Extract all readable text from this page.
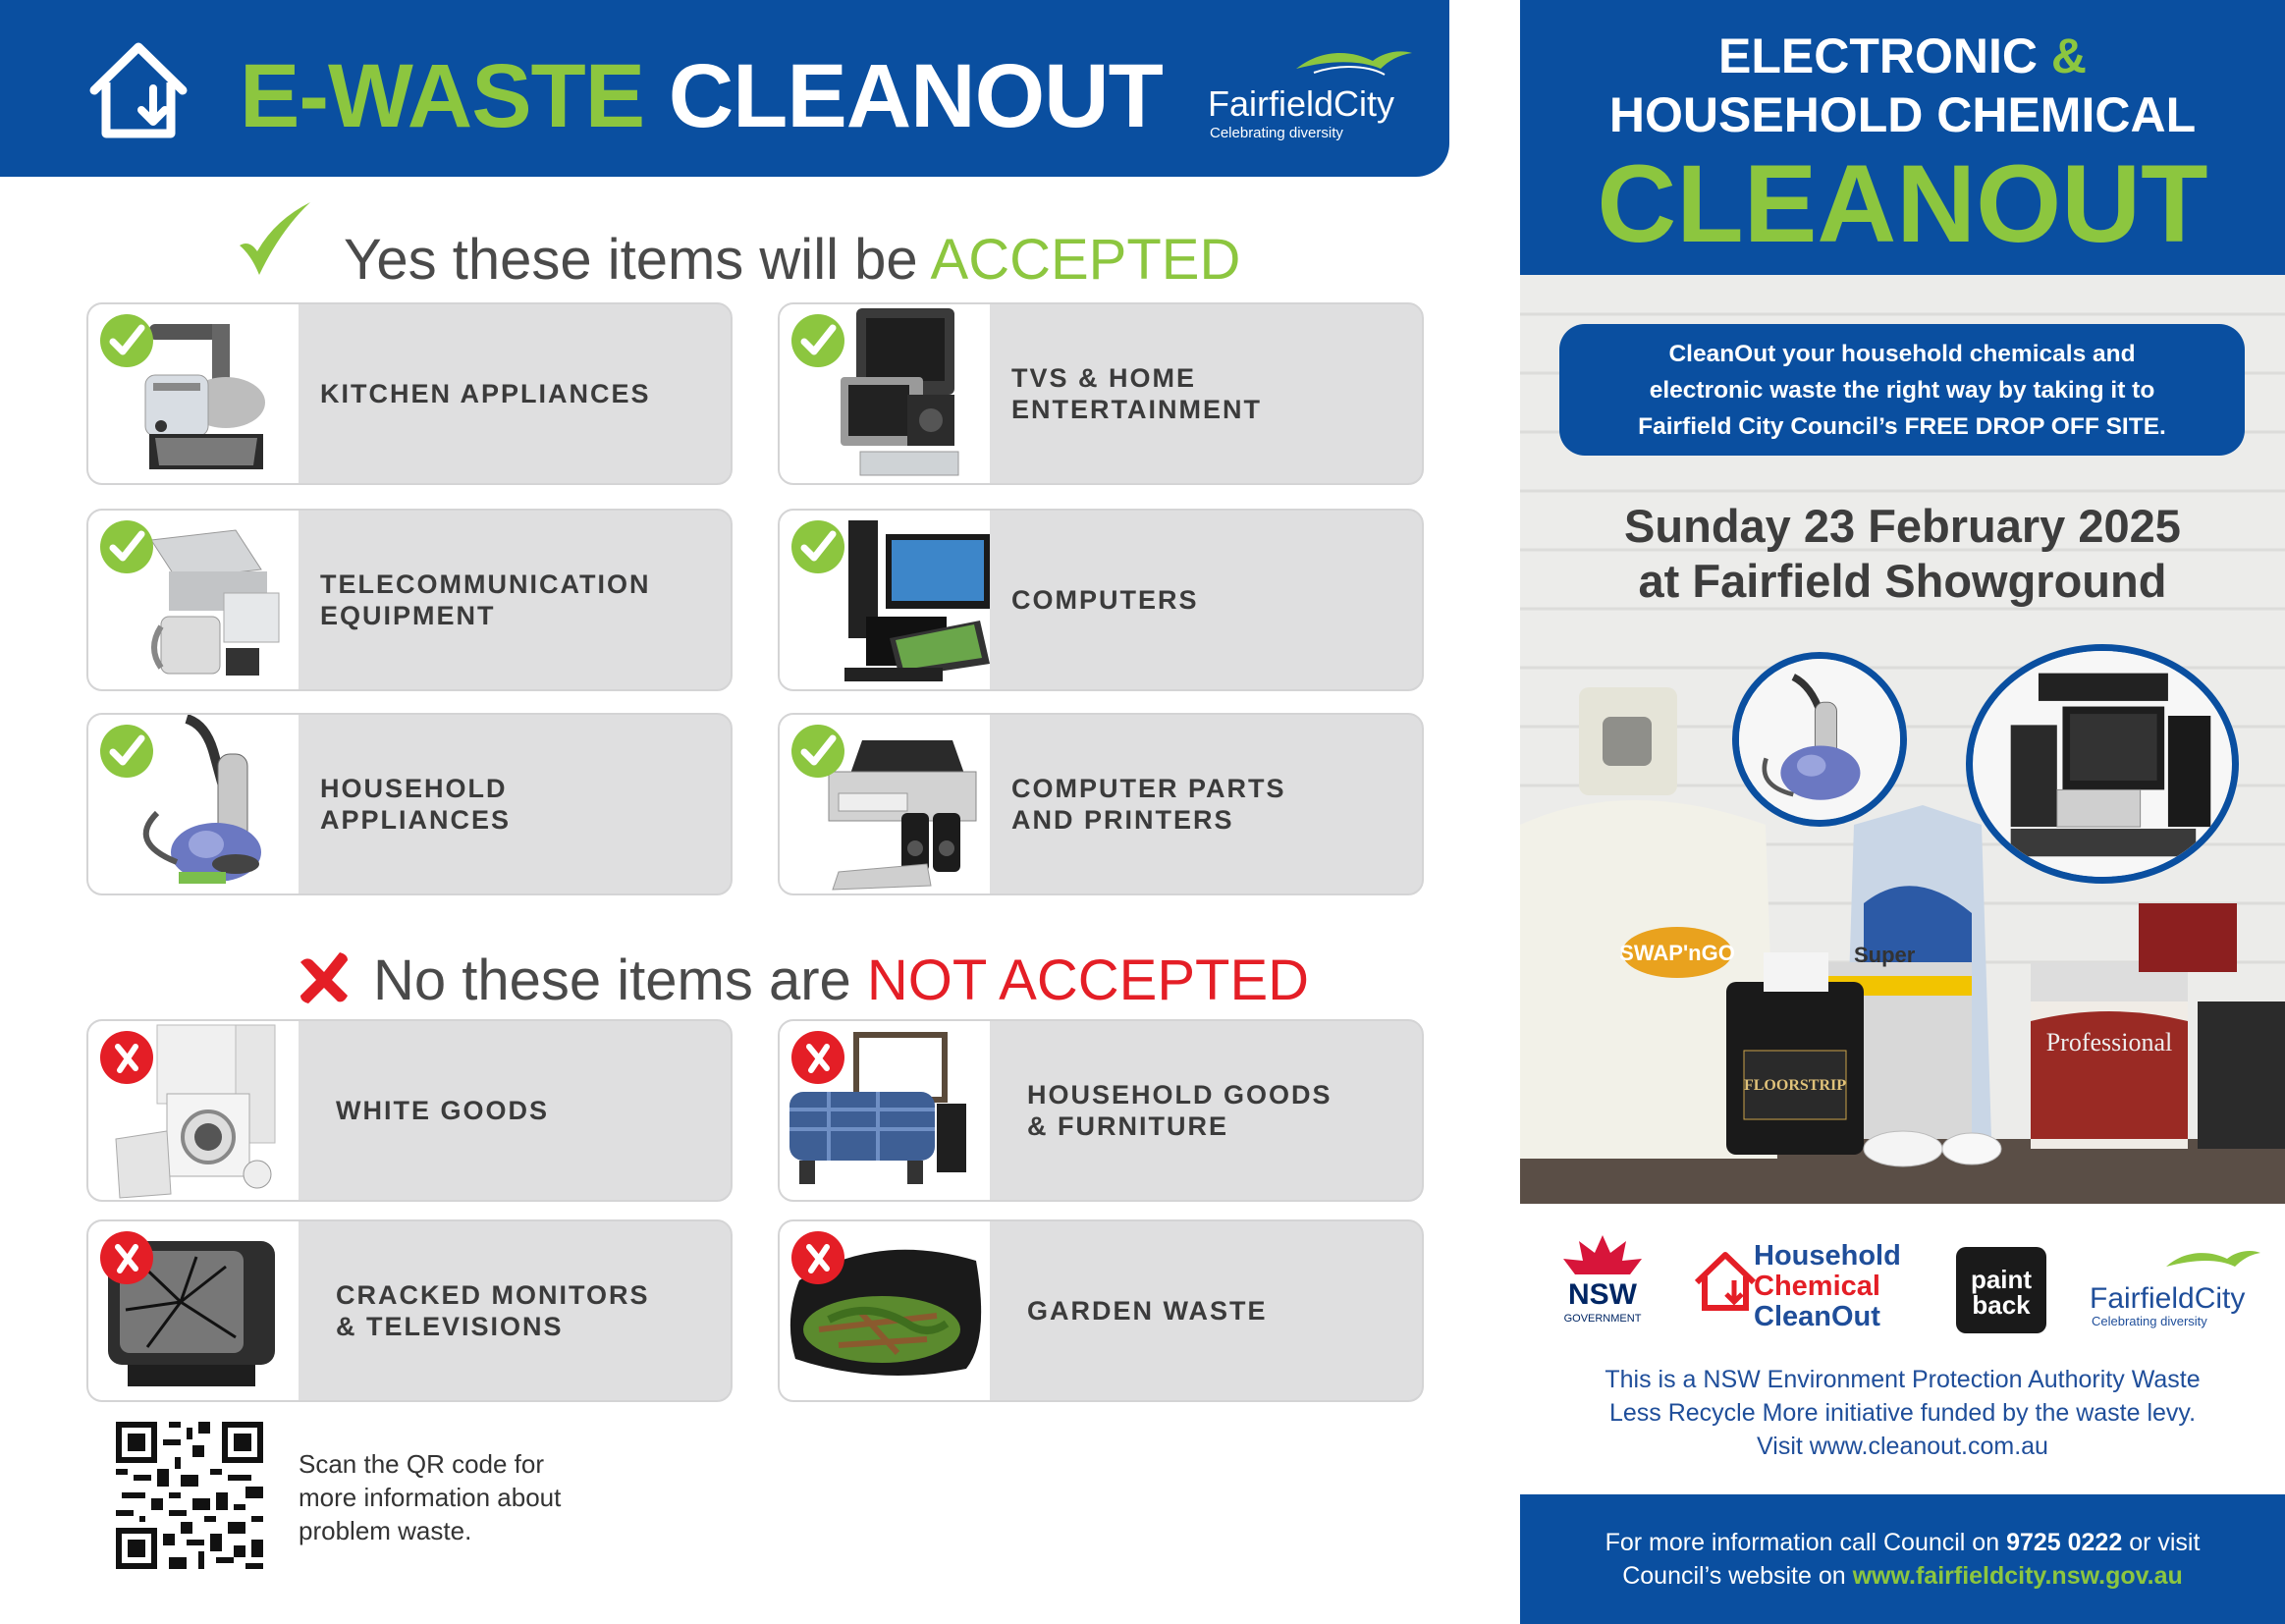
E-WASTE CLEANOUT FairfieldCity
Celebrating diversity
Yes these items will be ACCEPTED
KITCHEN APPLIANCES
TVS & HOME
ENTERTAINMENT
TELECOMMUNICATION
EQUIPMENT
COMPUTERS
HOUSEHOLD
APPLIANCES
COMPUTER PARTS
AND PRINTERS
No these items are NOT ACCEPTED
WHITE GOODS
HOUSEHOLD GOODS
& FURNITURE
CRACKED MONITORS
& TELEVISIONS
GARDEN WASTE
Scan the QR code for
more information about
problem waste.
ELECTRONIC &
HOUSEHOLD CHEMICAL
CLEANOUT
SWAP'nGO	Super
FLOORSTRIP
Professional
CleanOut your household chemicals and
electronic waste the right way by taking it to
Fairfield City Council’s FREE DROP OFF SITE.
Sunday 23 February 2025
at Fairfield Showground
NSW
GOVERNMENT
Household
Chemical
CleanOut
paint
back	FairfieldCity
Celebrating diversity
This is a NSW Environment Protection Authority Waste
Less Recycle More initiative funded by the waste levy.
Visit www.cleanout.com.au
For more information call Council on 9725 0222 or visit
Council’s website on www.fairfieldcity.nsw.gov.au
